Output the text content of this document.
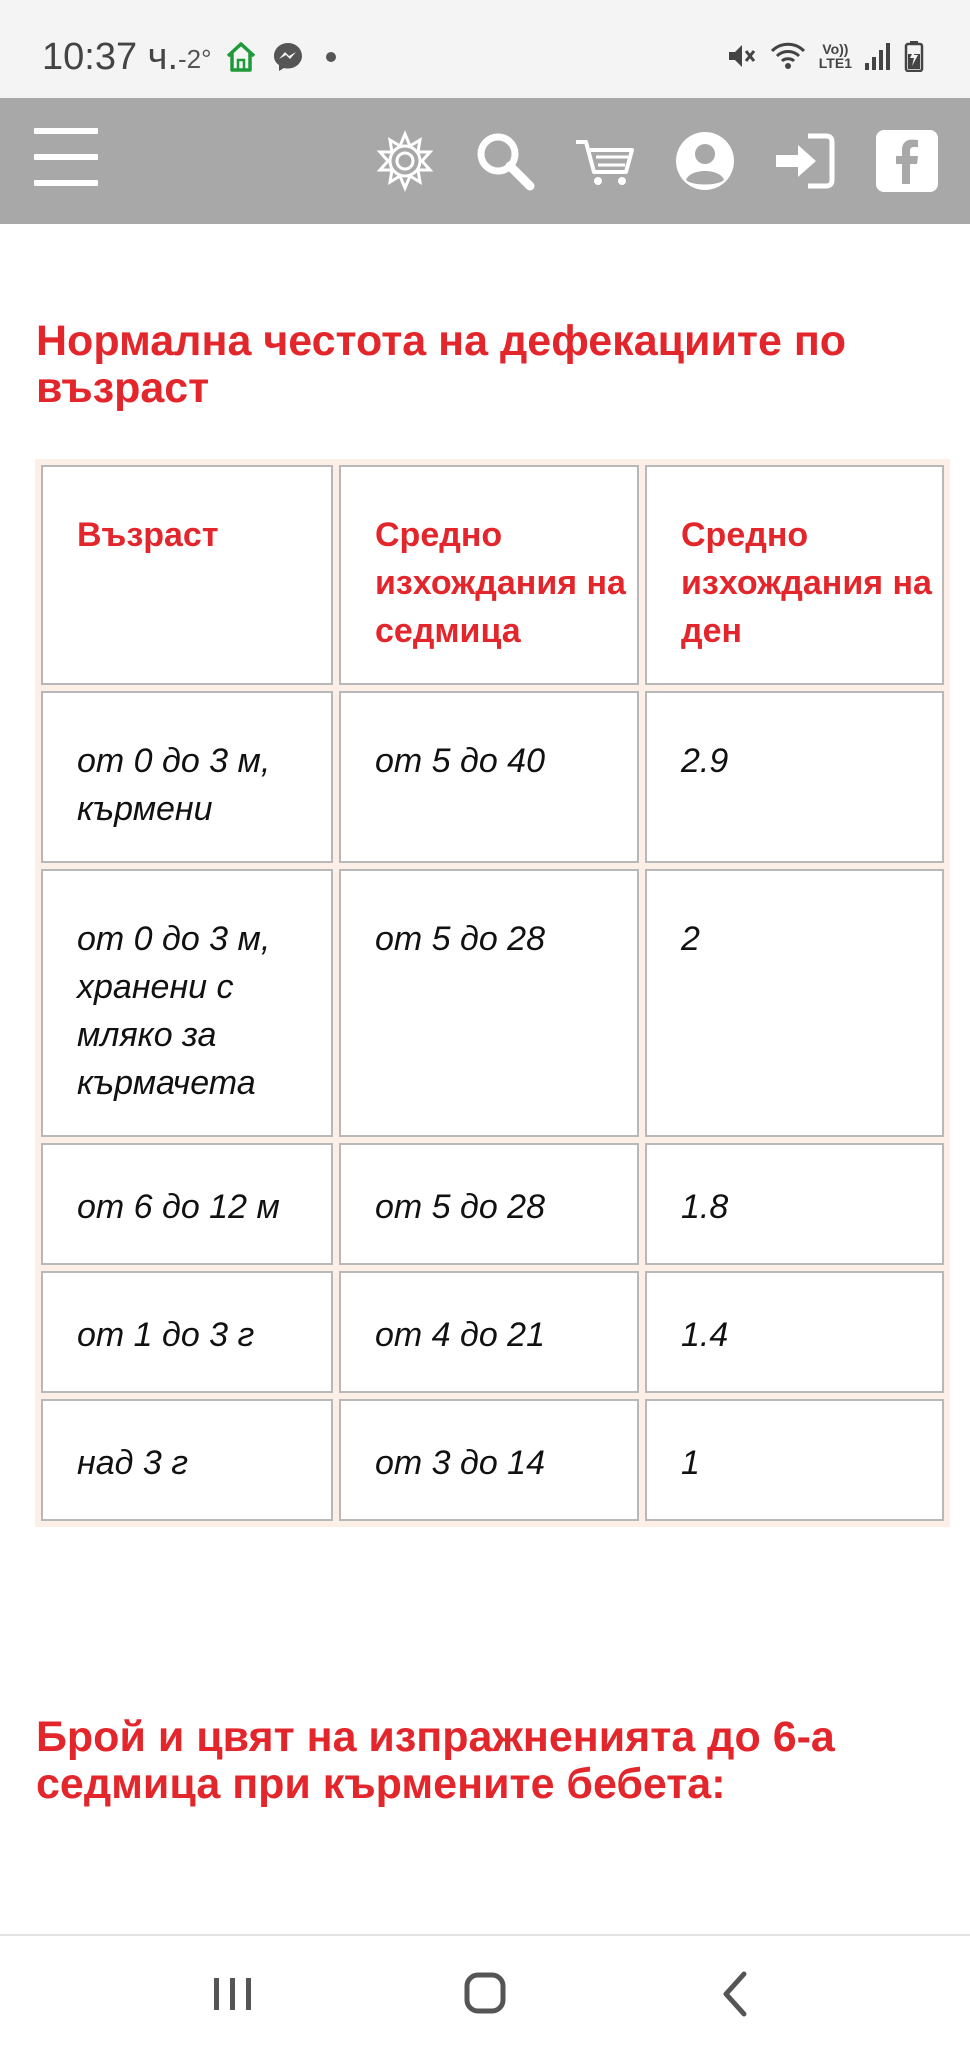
10:37 ч. -2°	Vo))
LTE1
Нормална честота на дефекациите по възраст
Възраст	Средно изхождания на седмица	Средно изхождания на ден
от 0 до 3 м, кърмени	от 5 до 40	2.9
от 0 до 3 м, хранени с мляко за кърмачета	от 5 до 28	2
от 6 до 12 м	от 5 до 28	1.8
от 1 до 3 г	от 4 до 21	1.4
над 3 г	от 3 до 14	1
Брой и цвят на изпражненията до 6-а седмица при кърмените бебета:
